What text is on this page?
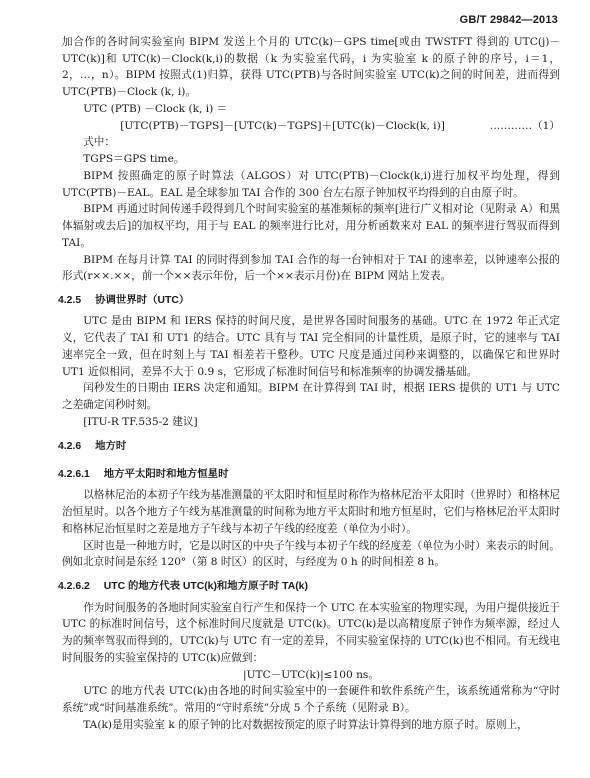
GB/T 29842—2013

加合作的各时间实验室向 BIPM 发送上个月的 UTC(k)－GPS time[或由 TWSTFT 得到的 UTC(j)－UTC(k)]和 UTC(k)－Clock(k,i)的数据（k 为实验室代码，i 为实验室 k 的原子钟的序号，i＝1，2，…，n）。BIPM 按照式(1)归算，获得 UTC(PTB)与各时间实验室 UTC(k)之间的时间差，进而得到 UTC(PTB)－Clock (k, i)。

UTC (PTB) －Clock (k, i) ＝

[UTC(PTB)－TGPS]－[UTC(k)－TGPS]＋[UTC(k)－Clock(k, i)]	…………（1）

式中：

TGPS＝GPS time。

BIPM 按照确定的原子时算法（ALGOS）对 UTC(PTB)－Clock(k,i)进行加权平均处理，得到 UTC(PTB)－EAL。EAL 是全球参加 TAI 合作的 300 台左右原子钟加权平均得到的自由原子时。

BIPM 再通过时间传递手段得到几个时间实验室的基准频标的频率[进行广义相对论（见附录 A）和黑体辐射或去后]的加权平均，用于与 EAL 的频率进行比对，用分析函数来对 EAL 的频率进行驾驭而得到 TAI。

BIPM 在每月计算 TAI 的同时得到参加 TAI 合作的每一台钟相对于 TAI 的速率差，以钟速率公报的形式(r××.××，前一个××表示年份，后一个××表示月份)在 BIPM 网站上发表。

4.2.5 协调世界时（UTC）

UTC 是由 BIPM 和 IERS 保持的时间尺度，是世界各国时间服务的基础。UTC 在 1972 年正式定义，它代表了 TAI 和 UT1 的结合。UTC 具有与 TAI 完全相同的计量性质，是原子时，它的速率与 TAI 速率完全一致，但在时刻上与 TAI 相差若干整秒。UTC 尺度是通过闰秒来调整的，以确保它和世界时 UT1 近似相同，差异不大于 0.9 s，它形成了标准时间信号和标准频率的协调发播基础。

闰秒发生的日期由 IERS 决定和通知。BIPM 在计算得到 TAI 时，根据 IERS 提供的 UT1 与 UTC 之差确定闰秒时刻。

[ITU-R TF.535-2 建议]

4.2.6 地方时
4.2.6.1 地方平太阳时和地方恒星时

以格林尼治的本初子午线为基准测量的平太阳时和恒星时称作为格林尼治平太阳时（世界时）和格林尼治恒星时。以各个地方子午线为基准测量的时间称为地方平太阳时和地方恒星时，它们与格林尼治平太阳时和格林尼治恒星时之差是地方子午线与本初子午线的经度差（单位为小时）。

区时也是一种地方时，它是以时区的中央子午线与本初子午线的经度差（单位为小时）来表示的时间。例如北京时间是东经 120°（第 8 时区）的区时，与经度为 0 h 的时间相差 8 h。

4.2.6.2 UTC 的地方代表 UTC(k)和地方原子时 TA(k)

作为时间服务的各地时间实验室自行产生和保持一个 UTC 在本实验室的物理实现，为用户提供接近于 UTC 的标准时间信号，这个标准时间尺度就是 UTC(k)。UTC(k)是以高精度原子钟作为频率源，经过人为的频率驾驭而得到的，UTC(k)与 UTC 有一定的差异，不同实验室保持的 UTC(k)也不相同。有无线电时间服务的实验室保持的 UTC(k)应做到：

|UTC－UTC(k)|≤100 ns。

UTC 的地方代表 UTC(k)由各地的时间实验室中的一套硬件和软件系统产生，该系统通常称为“守时系统”或“时间基准系统”。常用的“守时系统”分成 5 个子系统（见附录 B）。

TA(k)是用实验室 k 的原子钟的比对数据按预定的原子时算法计算得到的地方原子时。原则上，
